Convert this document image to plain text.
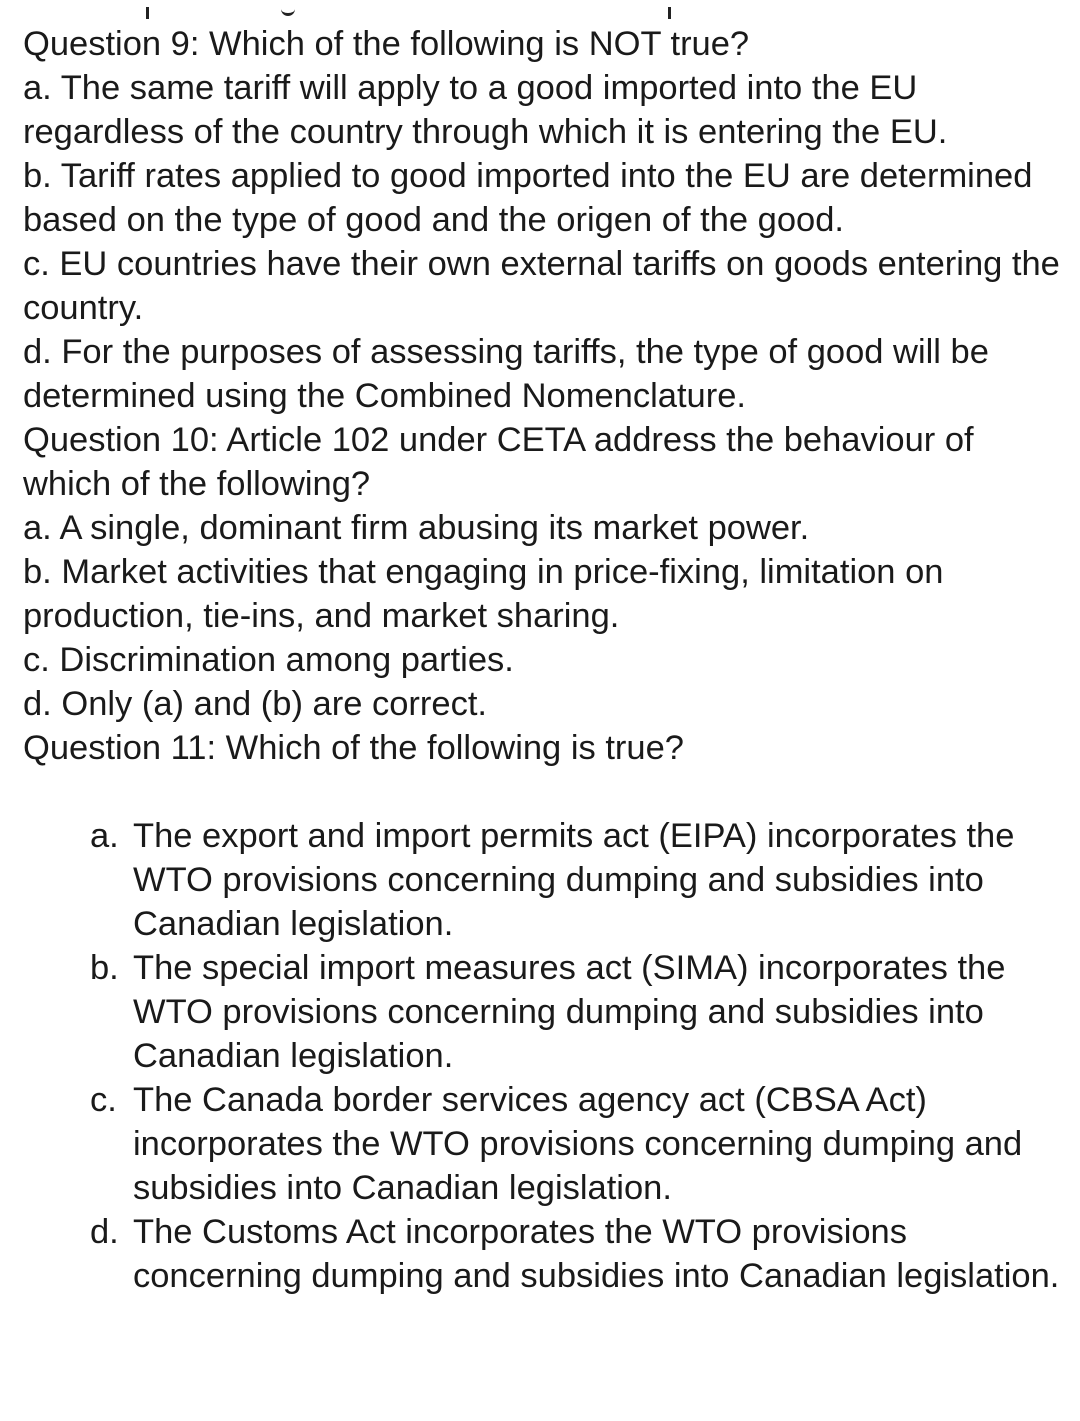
Question 9: Which of the following is NOT true?

a. The same tariff will apply to a good imported into the EU regardless of the country through which it is entering the EU.

b. Tariff rates applied to good imported into the EU are determined based on the type of good and the origen of the good.

c. EU countries have their own external tariffs on goods entering the country.

d. For the purposes of assessing tariffs, the type of good will be determined using the Combined Nomenclature.

Question 10: Article 102 under CETA address the behaviour of which of the following?

a. A single, dominant firm abusing its market power.

b. Market activities that engaging in price-fixing, limitation on production, tie-ins, and market sharing.

c. Discrimination among parties.

d. Only (a) and (b) are correct.

Question 11: Which of the following is true?

a. The export and import permits act (EIPA) incorporates the WTO provisions concerning dumping and subsidies into Canadian legislation.
b. The special import measures act (SIMA) incorporates the WTO provisions concerning dumping and subsidies into Canadian legislation.
c. The Canada border services agency act (CBSA Act) incorporates the WTO provisions concerning dumping and subsidies into Canadian legislation.
d. The Customs Act incorporates the WTO provisions concerning dumping and subsidies into Canadian legislation.
